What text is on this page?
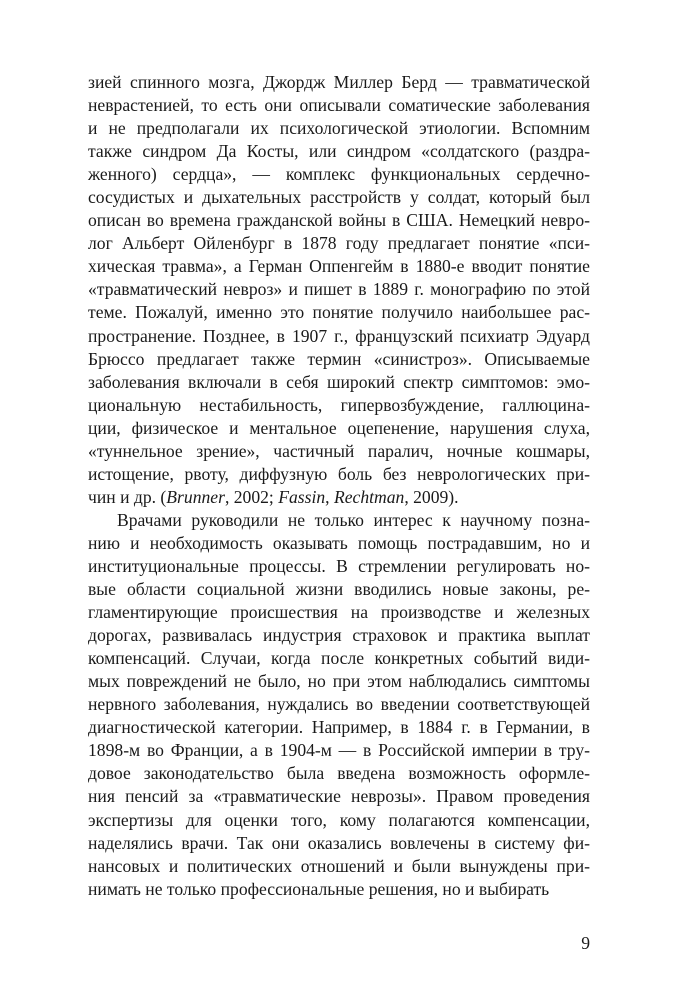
зией спинного мозга, Джордж Миллер Берд — травматической
неврастенией, то есть они описывали соматические заболевания
и не предполагали их психологической этиологии. Вспомним
также синдром Да Косты, или синдром «солдатского (раздра-
женного) сердца», — комплекс функциональных сердечно-
сосудистых и дыхательных расстройств у солдат, который был
описан во времена гражданской войны в США. Немецкий невро-
лог Альберт Ойленбург в 1878 году предлагает понятие «пси-
хическая травма», а Герман Оппенгейм в 1880-е вводит понятие
«травматический невроз» и пишет в 1889 г. монографию по этой
теме. Пожалуй, именно это понятие получило наибольшее рас-
пространение. Позднее, в 1907 г., французский психиатр Эдуард
Брюссо предлагает также термин «синистроз». Описываемые
заболевания включали в себя широкий спектр симптомов: эмо-
циональную нестабильность, гипервозбуждение, галлюцина-
ции, физическое и ментальное оцепенение, нарушения слуха,
«туннельное зрение», частичный паралич, ночные кошмары,
истощение, рвоту, диффузную боль без неврологических при-
чин и др. (Brunner, 2002; Fassin, Rechtman, 2009).
Врачами руководили не только интерес к научному позна-
нию и необходимость оказывать помощь пострадавшим, но и
институциональные процессы. В стремлении регулировать но-
вые области социальной жизни вводились новые законы, ре-
гламентирующие происшествия на производстве и железных
дорогах, развивалась индустрия страховок и практика выплат
компенсаций. Случаи, когда после конкретных событий види-
мых повреждений не было, но при этом наблюдались симптомы
нервного заболевания, нуждались во введении соответствующей
диагностической категории. Например, в 1884 г. в Германии, в
1898-м во Франции, а в 1904-м — в Российской империи в тру-
довое законодательство была введена возможность оформле-
ния пенсий за «травматические неврозы». Правом проведения
экспертизы для оценки того, кому полагаются компенсации,
наделялись врачи. Так они оказались вовлечены в систему фи-
нансовых и политических отношений и были вынуждены при-
нимать не только профессиональные решения, но и выбирать
9
